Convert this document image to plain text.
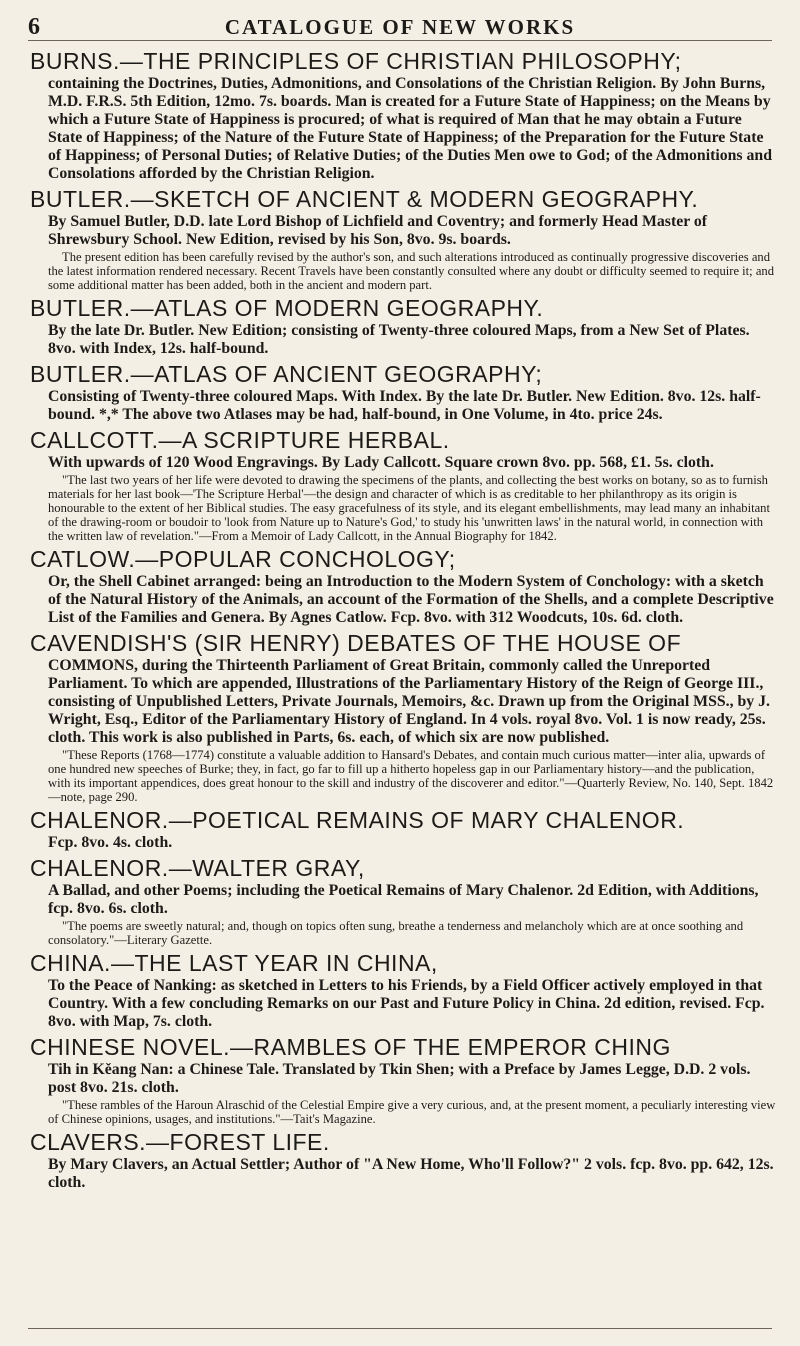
6	CATALOGUE OF NEW WORKS
BURNS.—THE PRINCIPLES OF CHRISTIAN PHILOSOPHY;
containing the Doctrines, Duties, Admonitions, and Consolations of the Christian Religion. By John Burns, M.D. F.R.S. 5th Edition, 12mo. 7s. boards. Man is created for a Future State of Happiness; on the Means by which a Future State of Happiness is procured; of what is required of Man that he may obtain a Future State of Happiness; of the Nature of the Future State of Happiness; of the Preparation for the Future State of Happiness; of Personal Duties; of Relative Duties; of the Duties Men owe to God; of the Admonitions and Consolations afforded by the Christian Religion.
BUTLER.—SKETCH OF ANCIENT & MODERN GEOGRAPHY.
By Samuel Butler, D.D. late Lord Bishop of Lichfield and Coventry; and formerly Head Master of Shrewsbury School. New Edition, revised by his Son, 8vo. 9s. boards.
The present edition has been carefully revised by the author's son, and such alterations introduced as continually progressive discoveries and the latest information rendered necessary. Recent Travels have been constantly consulted where any doubt or difficulty seemed to require it; and some additional matter has been added, both in the ancient and modern part.
BUTLER.—ATLAS OF MODERN GEOGRAPHY.
By the late Dr. Butler. New Edition; consisting of Twenty-three coloured Maps, from a New Set of Plates. 8vo. with Index, 12s. half-bound.
BUTLER.—ATLAS OF ANCIENT GEOGRAPHY;
Consisting of Twenty-three coloured Maps. With Index. By the late Dr. Butler. New Edition. 8vo. 12s. half-bound. *,* The above two Atlases may be had, half-bound, in One Volume, in 4to. price 24s.
CALLCOTT.—A SCRIPTURE HERBAL.
With upwards of 120 Wood Engravings. By Lady Callcott. Square crown 8vo. pp. 568, £1. 5s. cloth.
"The last two years of her life were devoted to drawing the specimens of the plants, and collecting the best works on botany, so as to furnish materials for her last book—'The Scripture Herbal'—the design and character of which is as creditable to her philanthropy as its origin is honourable to the extent of her Biblical studies. The easy gracefulness of its style, and its elegant embellishments, may lead many an inhabitant of the drawing-room or boudoir to 'look from Nature up to Nature's God,' to study his 'unwritten laws' in the natural world, in connection with the written law of revelation."—From a Memoir of Lady Callcott, in the Annual Biography for 1842.
CATLOW.—POPULAR CONCHOLOGY;
Or, the Shell Cabinet arranged: being an Introduction to the Modern System of Conchology: with a sketch of the Natural History of the Animals, an account of the Formation of the Shells, and a complete Descriptive List of the Families and Genera. By Agnes Catlow. Fcp. 8vo. with 312 Woodcuts, 10s. 6d. cloth.
CAVENDISH'S (SIR HENRY) DEBATES OF THE HOUSE OF
COMMONS, during the Thirteenth Parliament of Great Britain, commonly called the Unreported Parliament. To which are appended, Illustrations of the Parliamentary History of the Reign of George III., consisting of Unpublished Letters, Private Journals, Memoirs, &c. Drawn up from the Original MSS., by J. Wright, Esq., Editor of the Parliamentary History of England. In 4 vols. royal 8vo. Vol. 1 is now ready, 25s. cloth. This work is also published in Parts, 6s. each, of which six are now published.
"These Reports (1768—1774) constitute a valuable addition to Hansard's Debates, and contain much curious matter—inter alia, upwards of one hundred new speeches of Burke; they, in fact, go far to fill up a hitherto hopeless gap in our Parliamentary history—and the publication, with its important appendices, does great honour to the skill and industry of the discoverer and editor."—Quarterly Review, No. 140, Sept. 1842—note, page 290.
CHALENOR.—POETICAL REMAINS OF MARY CHALENOR.
Fcp. 8vo. 4s. cloth.
CHALENOR.—WALTER GRAY,
A Ballad, and other Poems; including the Poetical Remains of Mary Chalenor. 2d Edition, with Additions, fcp. 8vo. 6s. cloth.
"The poems are sweetly natural; and, though on topics often sung, breathe a tenderness and melancholy which are at once soothing and consolatory."—Literary Gazette.
CHINA.—THE LAST YEAR IN CHINA,
To the Peace of Nanking: as sketched in Letters to his Friends, by a Field Officer actively employed in that Country. With a few concluding Remarks on our Past and Future Policy in China. 2d edition, revised. Fcp. 8vo. with Map, 7s. cloth.
CHINESE NOVEL.—RAMBLES OF THE EMPEROR CHING
Tih in Kěang Nan: a Chinese Tale. Translated by Tkin Shen; with a Preface by James Legge, D.D. 2 vols. post 8vo. 21s. cloth.
"These rambles of the Haroun Alraschid of the Celestial Empire give a very curious, and, at the present moment, a peculiarly interesting view of Chinese opinions, usages, and institutions."—Tait's Magazine.
CLAVERS.—FOREST LIFE.
By Mary Clavers, an Actual Settler; Author of "A New Home, Who'll Follow?" 2 vols. fcp. 8vo. pp. 642, 12s. cloth.
